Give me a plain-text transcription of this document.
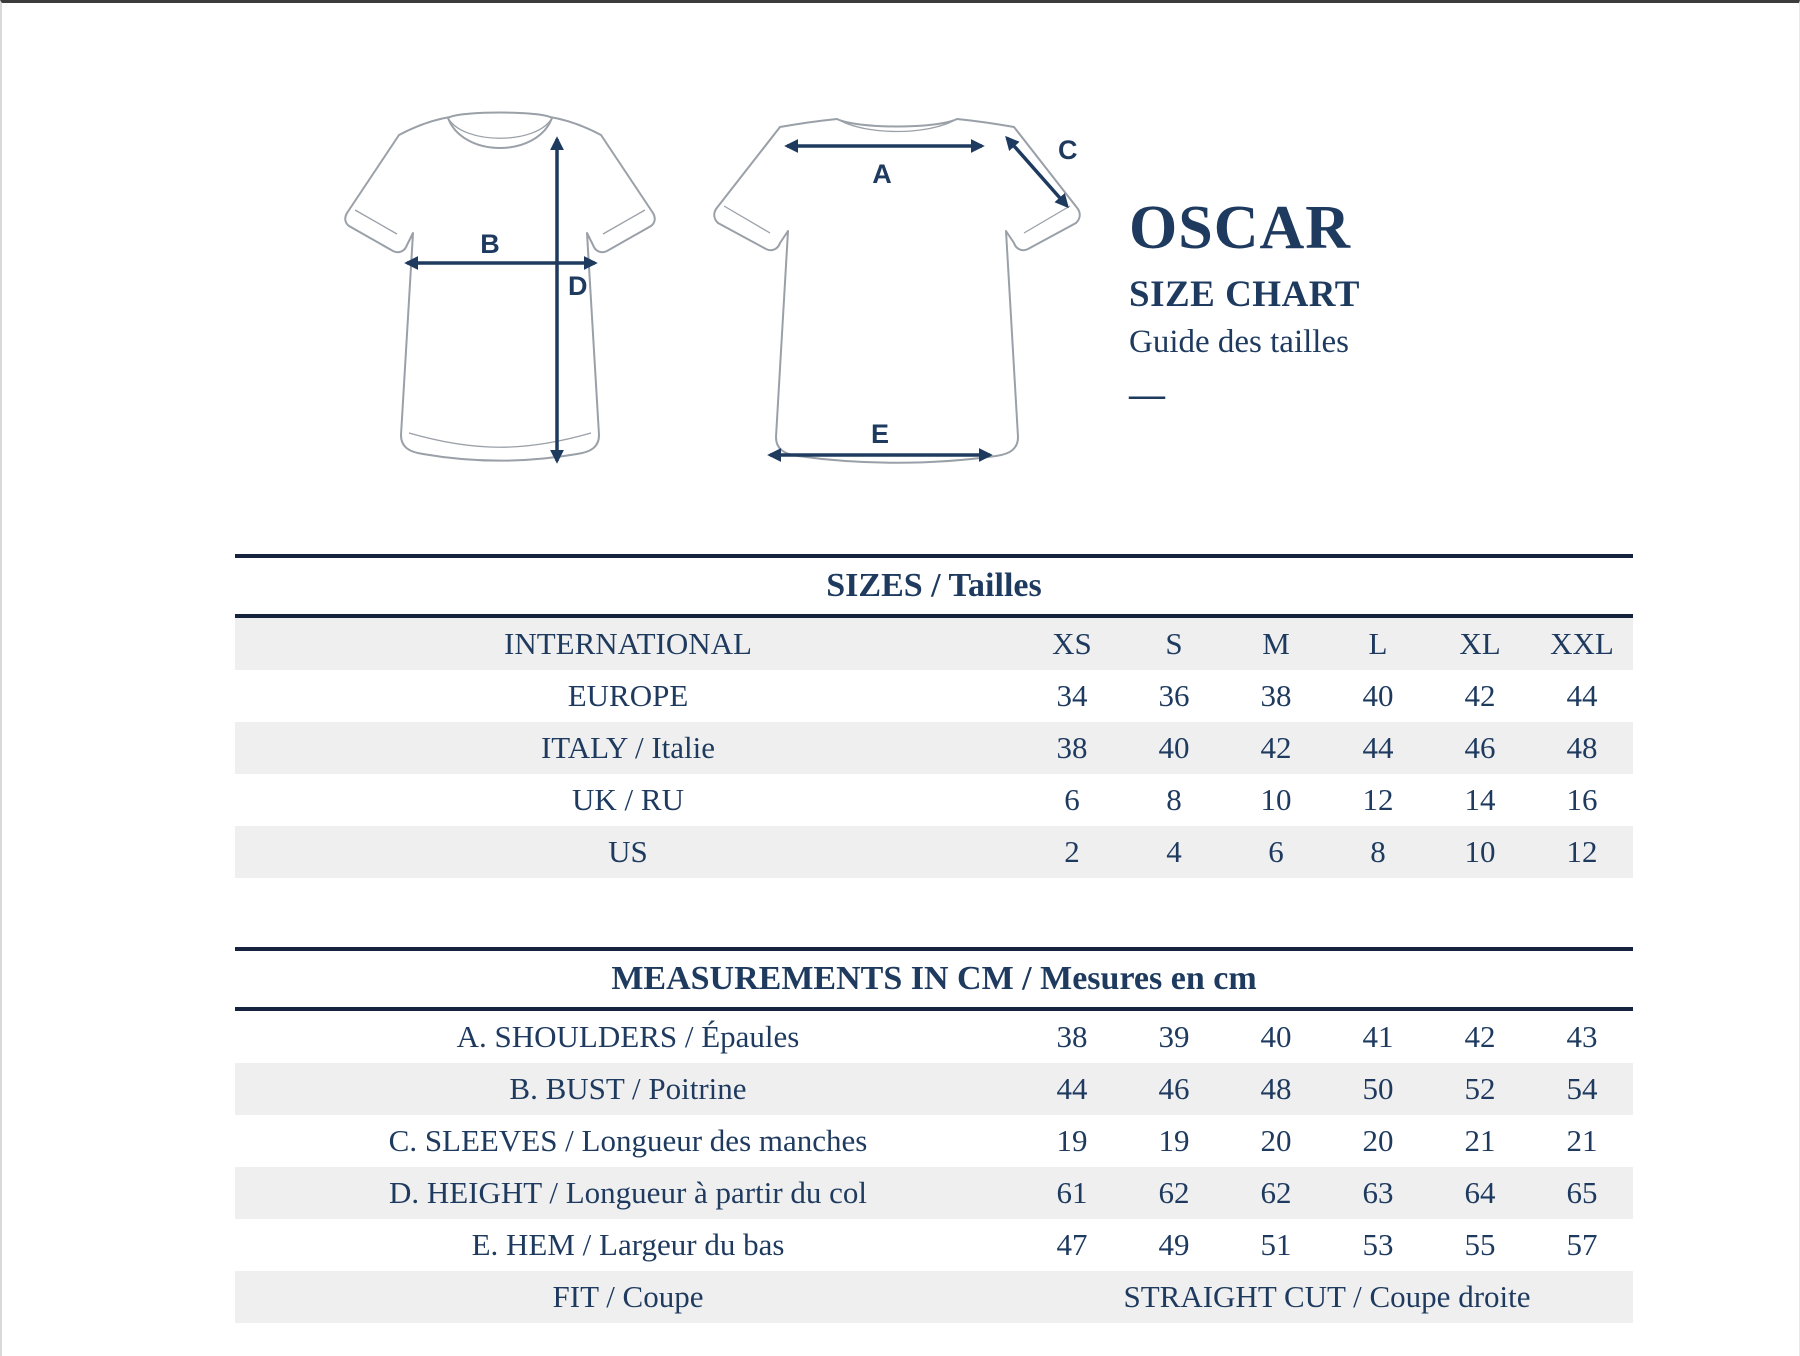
B
D
A
C
E
OSCAR
SIZE CHART
Guide des tailles
—
SIZES / Tailles
INTERNATIONAL	XS	S	M	L	XL	XXL
EUROPE	34	36	38	40	42	44
ITALY / Italie	38	40	42	44	46	48
UK / RU	6	8	10	12	14	16
US	2	4	6	8	10	12
MEASUREMENTS IN CM / Mesures en cm
A. SHOULDERS / Épaules	38	39	40	41	42	43
B. BUST / Poitrine	44	46	48	50	52	54
C. SLEEVES / Longueur des manches	19	19	20	20	21	21
D. HEIGHT / Longueur à partir du col	61	62	62	63	64	65
E. HEM / Largeur du bas	47	49	51	53	55	57
FIT / Coupe	STRAIGHT CUT / Coupe droite
